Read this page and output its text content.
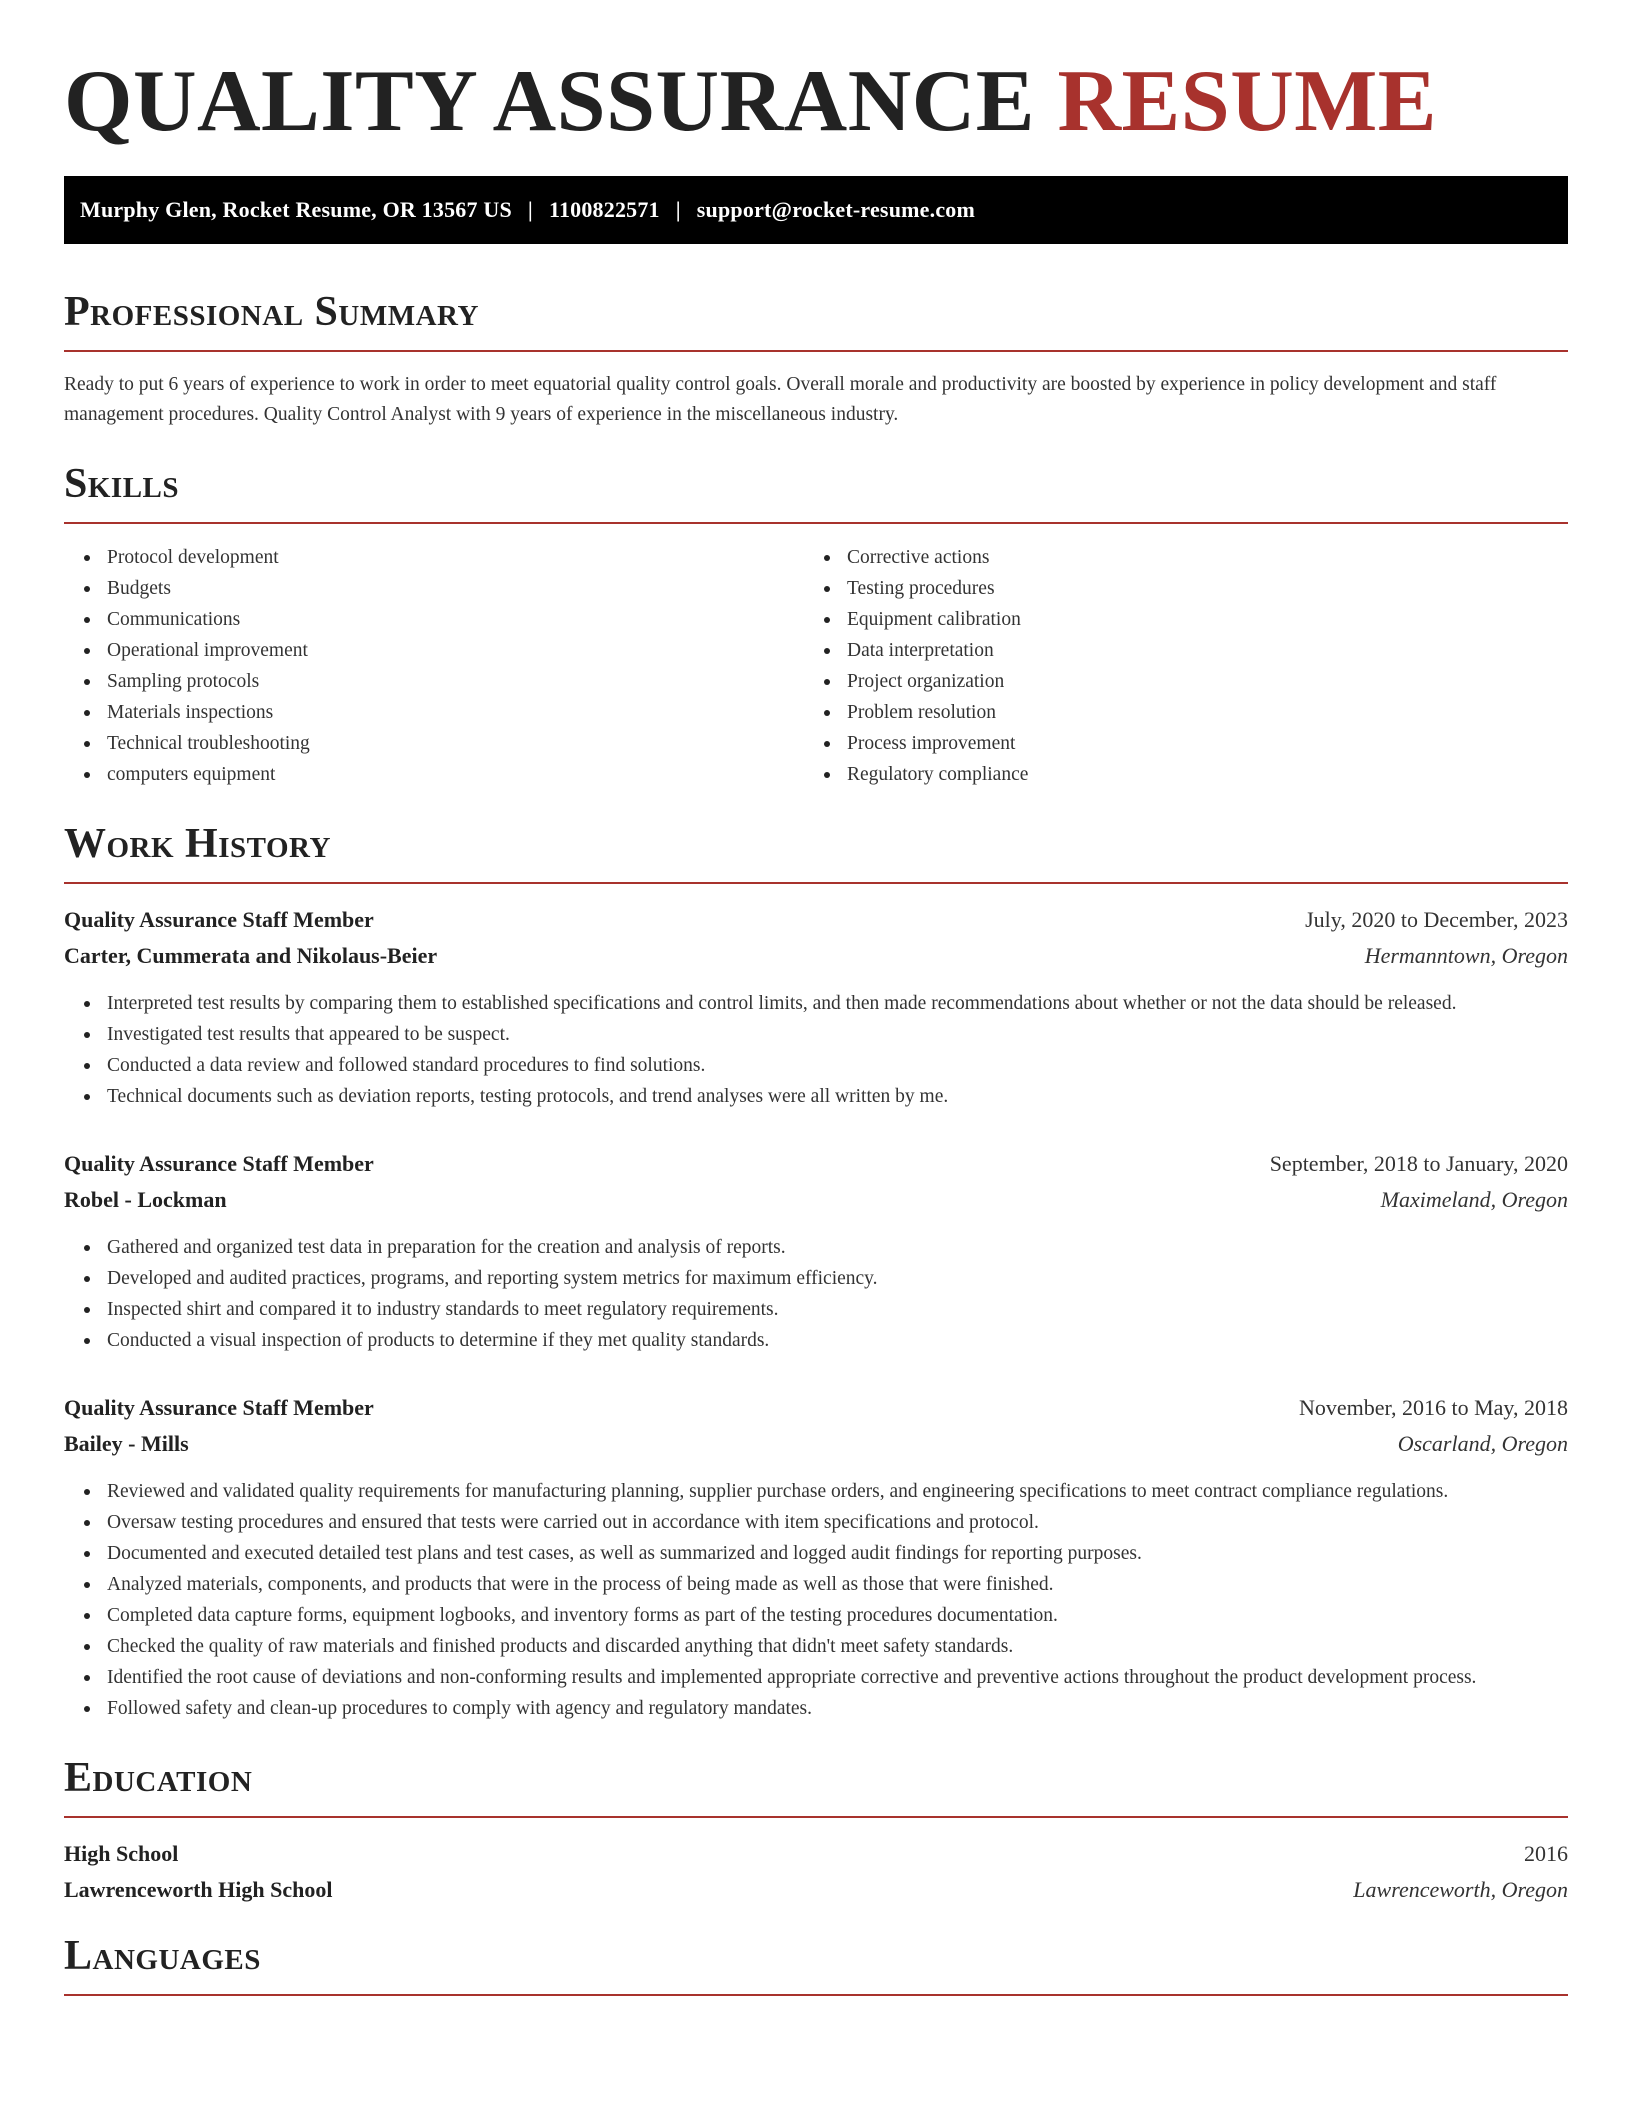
QUALITY ASSURANCE RESUME
Murphy Glen, Rocket Resume, OR 13567 US | 1100822571 | support@rocket-resume.com
Professional Summary

Ready to put 6 years of experience to work in order to meet equatorial quality control goals. Overall morale and productivity are boosted by experience in policy development and staff management procedures. Quality Control Analyst with 9 years of experience in the miscellaneous industry.

Skills
Protocol development
Budgets
Communications
Operational improvement
Sampling protocols
Materials inspections
Technical troubleshooting
computers equipment
Corrective actions
Testing procedures
Equipment calibration
Data interpretation
Project organization
Problem resolution
Process improvement
Regulatory compliance
Work History
Quality Assurance Staff Member	July, 2020 to December, 2023
Carter, Cummerata and Nikolaus-Beier	Hermanntown, Oregon
Interpreted test results by comparing them to established specifications and control limits, and then made recommendations about whether or not the data should be released.
Investigated test results that appeared to be suspect.
Conducted a data review and followed standard procedures to find solutions.
Technical documents such as deviation reports, testing protocols, and trend analyses were all written by me.
Quality Assurance Staff Member	September, 2018 to January, 2020
Robel - Lockman	Maximeland, Oregon
Gathered and organized test data in preparation for the creation and analysis of reports.
Developed and audited practices, programs, and reporting system metrics for maximum efficiency.
Inspected shirt and compared it to industry standards to meet regulatory requirements.
Conducted a visual inspection of products to determine if they met quality standards.
Quality Assurance Staff Member	November, 2016 to May, 2018
Bailey - Mills	Oscarland, Oregon
Reviewed and validated quality requirements for manufacturing planning, supplier purchase orders, and engineering specifications to meet contract compliance regulations.
Oversaw testing procedures and ensured that tests were carried out in accordance with item specifications and protocol.
Documented and executed detailed test plans and test cases, as well as summarized and logged audit findings for reporting purposes.
Analyzed materials, components, and products that were in the process of being made as well as those that were finished.
Completed data capture forms, equipment logbooks, and inventory forms as part of the testing procedures documentation.
Checked the quality of raw materials and finished products and discarded anything that didn't meet safety standards.
Identified the root cause of deviations and non-conforming results and implemented appropriate corrective and preventive actions throughout the product development process.
Followed safety and clean-up procedures to comply with agency and regulatory mandates.
Education
High School	2016
Lawrenceworth High School	Lawrenceworth, Oregon
Languages
